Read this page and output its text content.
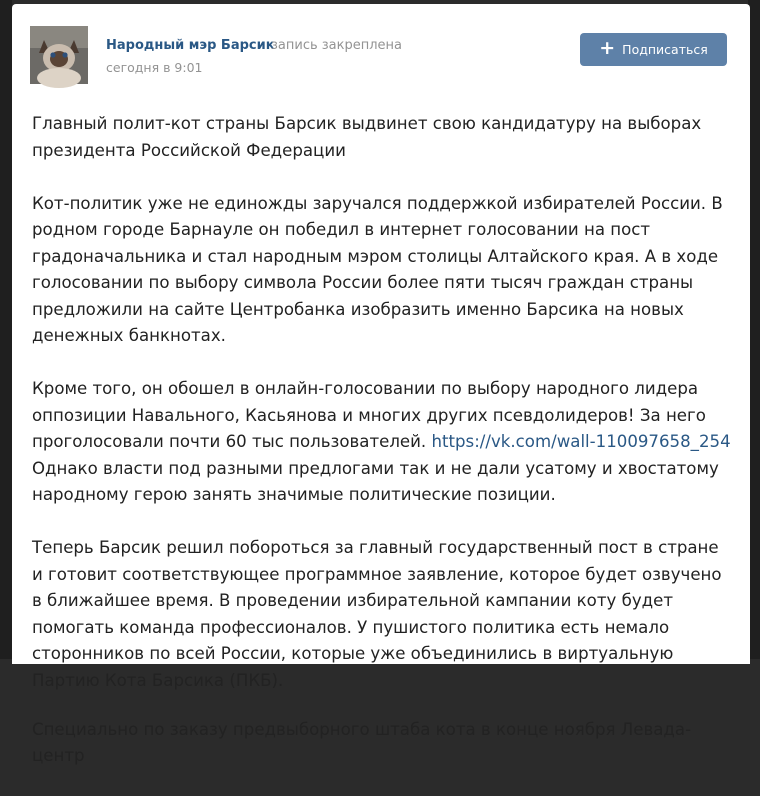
Народный мэр Барсик
запись закреплена
сегодня в 9:01
+ Подписаться

Главный полит-кот страны Барсик выдвинет свою кандидатуру на выборах президента Российской Федерации

Кот-политик уже не единожды заручался поддержкой избирателей России. В родном городе Барнауле он победил в интернет голосовании на пост градоначальника и стал народным мэром столицы Алтайского края. А в ходе голосовании по выбору символа России более пяти тысяч граждан страны предложили на сайте Центробанка изобразить именно Барсика на новых денежных банкнотах.

Кроме того, он обошел в онлайн-голосовании по выбору народного лидера оппозиции Навального, Касьянова и многих других псевдолидеров! За него проголосовали почти 60 тыс пользователей. https://vk.com/wall-110097658_254 Однако власти под разными предлогами так и не дали усатому и хвостатому народному герою занять значимые политические позиции.

Теперь Барсик решил побороться за главный государственный пост в стране и готовит соответствующее программное заявление, которое будет озвучено в ближайшее время. В проведении избирательной кампании коту будет помогать команда профессионалов. У пушистого политика есть немало сторонников по всей России, которые уже объединились в виртуальную Партию Кота Барсика (ПКБ).

Специально по заказу предвыборного штаба кота в конце ноября Левада-центр
